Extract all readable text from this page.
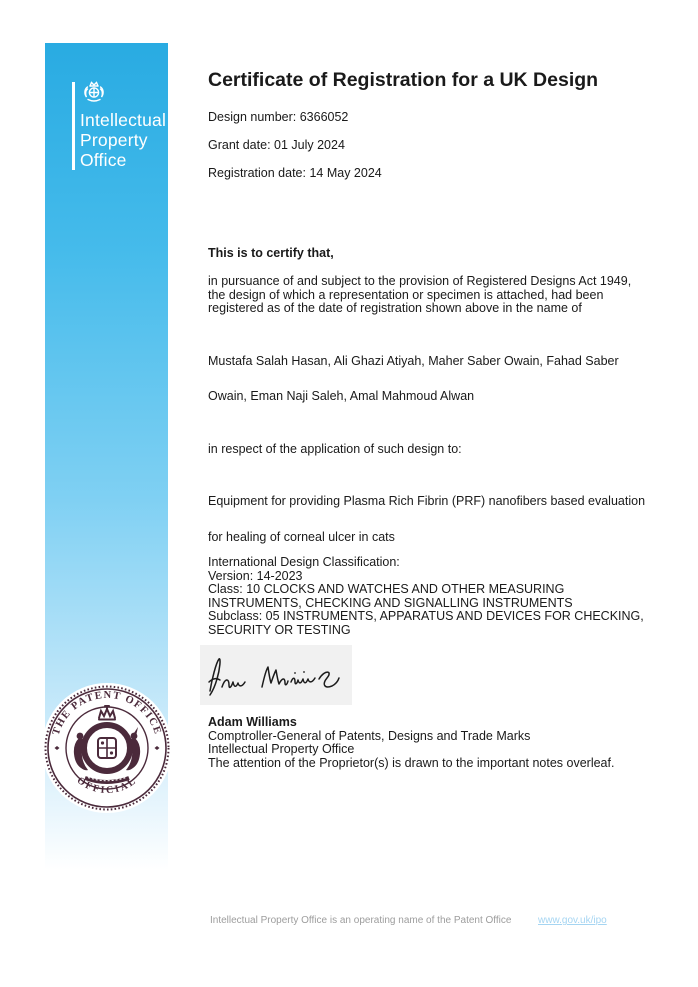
Intellectual
Property
Office
THE PATENT OFFICE
OFFICIAL
Certificate of Registration for a UK Design
Design number: 6366052
Grant date: 01 July 2024
Registration date: 14 May 2024
This is to certify that,
in pursuance of and subject to the provision of Registered Designs Act 1949, the design of which a representation or specimen is attached, had been registered as of the date of registration shown above in the name of
Mustafa Salah Hasan, Ali Ghazi Atiyah, Maher Saber Owain, Fahad Saber
Owain, Eman Naji Saleh, Amal Mahmoud Alwan
in respect of the application of such design to:
Equipment for providing Plasma Rich Fibrin (PRF) nanofibers based evaluation
for healing of corneal ulcer in cats
International Design Classification:
Version: 14-2023
Class: 10 CLOCKS AND WATCHES AND OTHER MEASURING
INSTRUMENTS, CHECKING AND SIGNALLING INSTRUMENTS
Subclass: 05 INSTRUMENTS, APPARATUS AND DEVICES FOR CHECKING,
SECURITY OR TESTING
Adam Williams
Comptroller-General of Patents, Designs and Trade Marks
Intellectual Property Office
The attention of the Proprietor(s) is drawn to the important notes overleaf.
Intellectual Property Office is an operating name of the Patent Office	www.gov.uk/ipo
